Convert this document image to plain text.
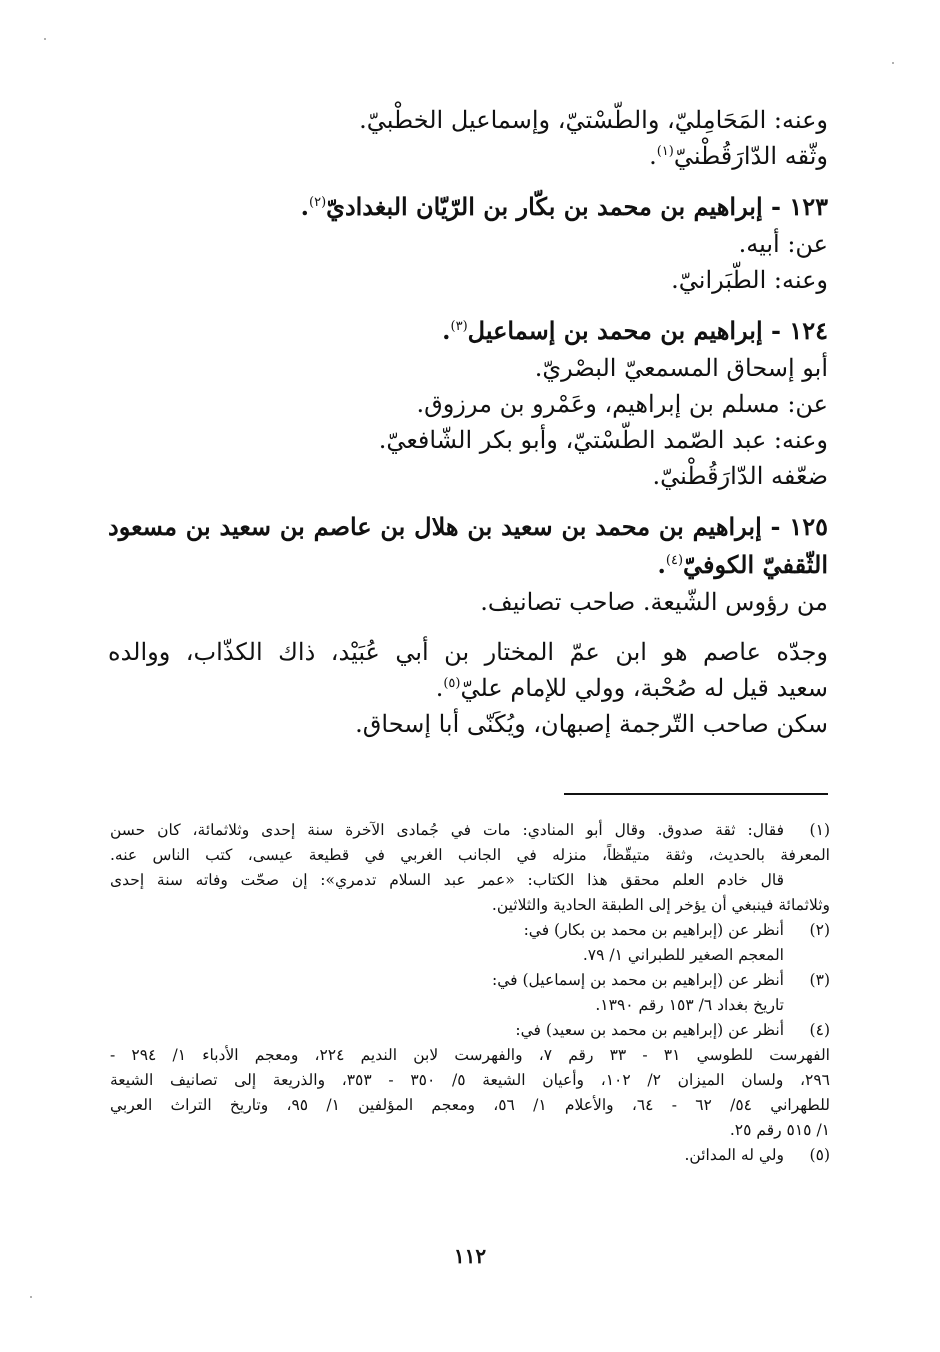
وعنه: المَحَامِليّ، والطّسْتيّ، وإسماعيل الخطْبيّ.
وثّقه الدّارَقُطْنيّ$^{(١)}$.
١٢٣ - إبراهيم بن محمد بن بكّار بن الرّيّان البغداديّ$^{(٢)}$.
عن: أبيه.
وعنه: الطّبَرانيّ.
١٢٤ - إبراهيم بن محمد بن إسماعيل$^{(٣)}$.
أبو إسحاق المسمعيّ البصْريّ.
عن: مسلم بن إبراهيم، وعَمْرو بن مرزوق.
وعنه: عبد الصّمد الطّسْتيّ، وأبو بكر الشّافعيّ.
ضعّفه الدّارَقُطْنيّ.
١٢٥ - إبراهيم بن محمد بن سعيد بن هلال بن عاصم بن سعيد بن مسعود
الثّقفيّ الكوفيّ$^{(٤)}$.
من رؤوس الشّيعة. صاحب تصانيف.
وجدّه عاصم هو ابن عمّ المختار بن أبي عُبَيْد، ذاك الكذّاب، ووالده
سعيد قيل له صُحْبة، وولي للإمام عليّ$^{(٥)}$.
سكن صاحب التّرجمة إصبهان، ويُكَنّى أبا إسحاق.
(١)
فقال: ثقة صدوق. وقال أبو المنادي: مات في جُمادى الآخرة سنة إحدى وثلاثمائة، كان حسن
المعرفة بالحديث، وثقة متيقّظاً، منزله في الجانب الغربي في قطيعة عيسى، كتب الناس عنه.
قال خادم العلم محقق هذا الكتاب: «عمر عبد السلام تدمري»: إن صحّت وفاته سنة إحدى
وثلاثمائة فينبغي أن يؤخر إلى الطبقة الحادية والثلاثين.
(٢)
أنظر عن (إبراهيم بن محمد بن بكار) في:
المعجم الصغير للطبراني ١/ ٧٩.
(٣)
أنظر عن (إبراهيم بن محمد بن إسماعيل) في:
تاريخ بغداد ٦/ ١٥٣ رقم ١٣٩٠.
(٤)
أنظر عن (إبراهيم بن محمد بن سعيد) في:
الفهرست للطوسي ٣١ - ٣٣ رقم ٧، والفهرست لابن النديم ٢٢٤، ومعجم الأدباء ١/ ٢٩٤ -
٢٩٦، ولسان الميزان ٢/ ١٠٢، وأعيان الشيعة ٥/ ٣٥٠ - ٣٥٣، والذريعة إلى تصانيف الشيعة
للطهراني ٥٤/ ٦٢ - ٦٤، والأعلام ١/ ٥٦، ومعجم المؤلفين ١/ ٩٥، وتاريخ التراث العربي
١/ ٥١٥ رقم ٢٥.
(٥)
ولي له المدائن.
١١٢
